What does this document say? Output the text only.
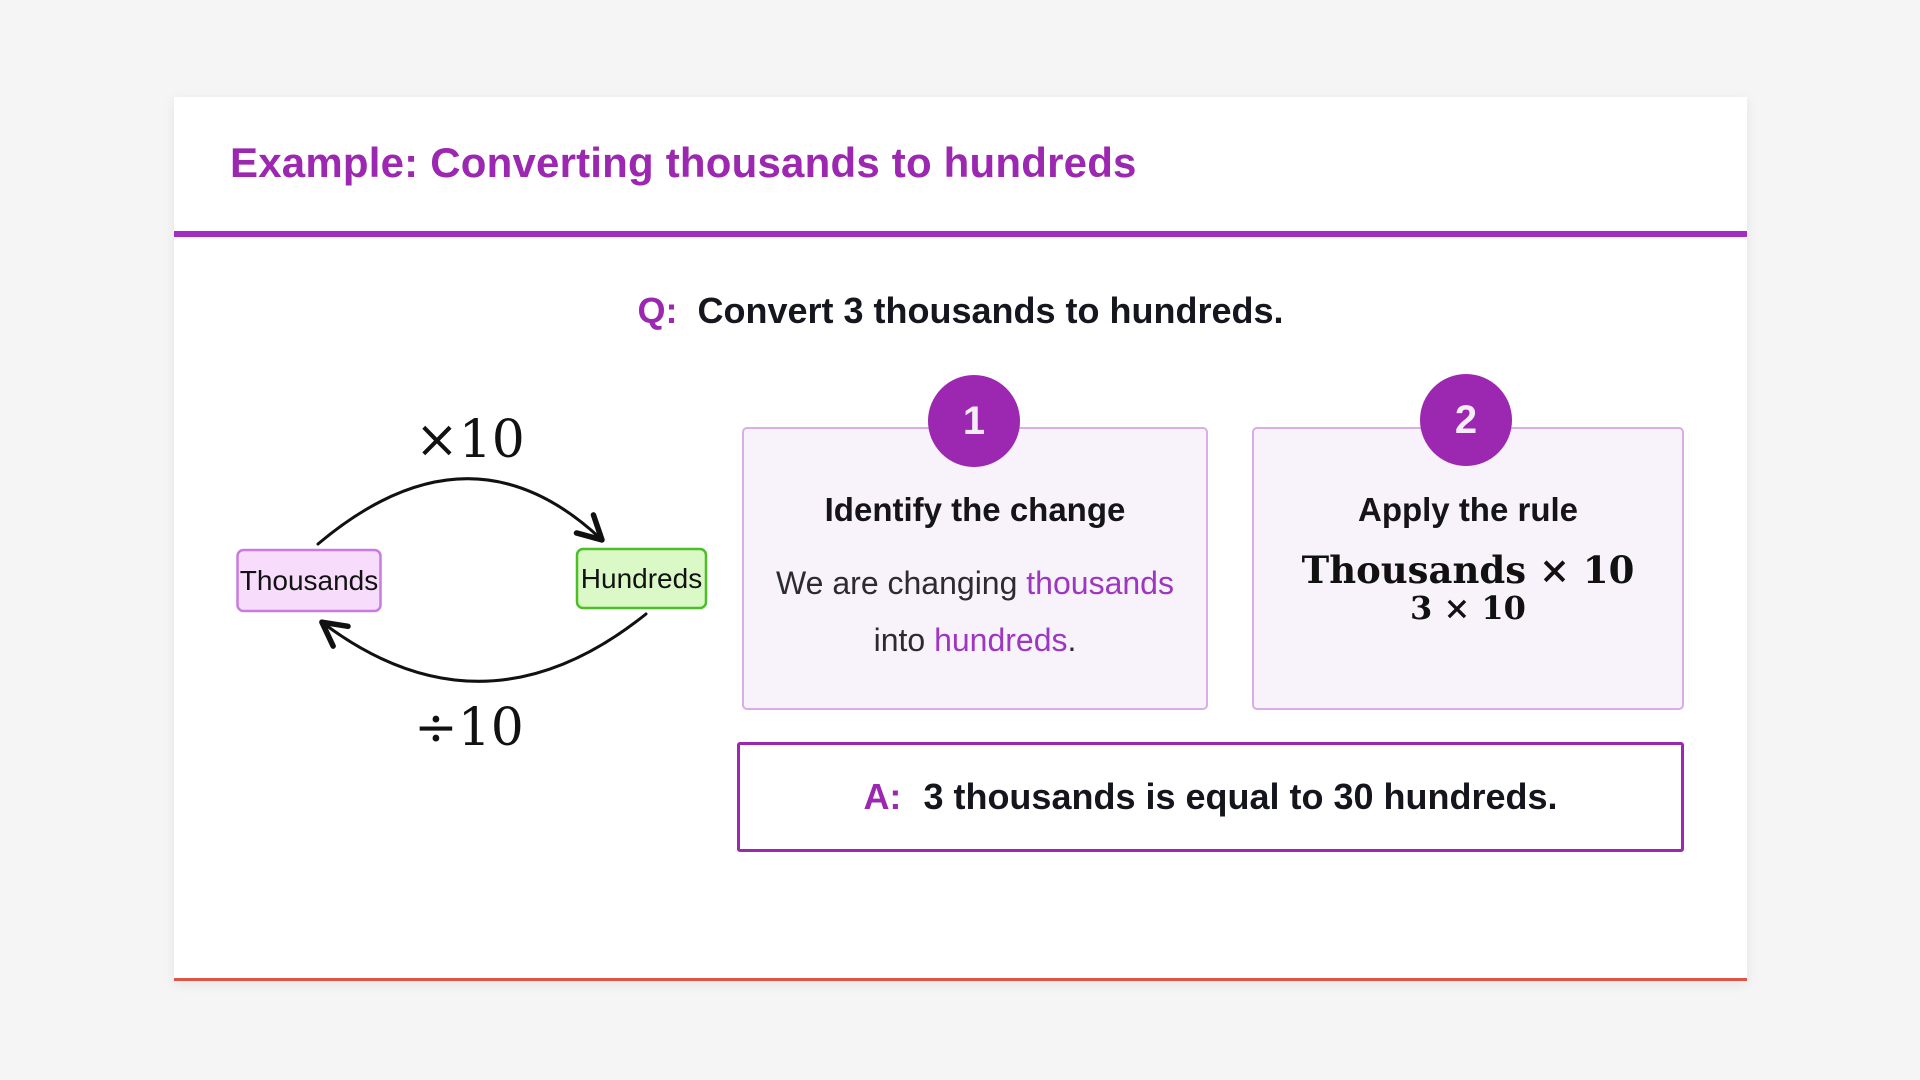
Example: Converting thousands to hundreds
Q: Convert 3 thousands to hundreds.
×10
Thousands	Hundreds
÷10
1
Identify the change
We are changing thousands
into hundreds.
2
Apply the rule
Thousands × 10
3 × 10
A: 3 thousands is equal to 30 hundreds.
